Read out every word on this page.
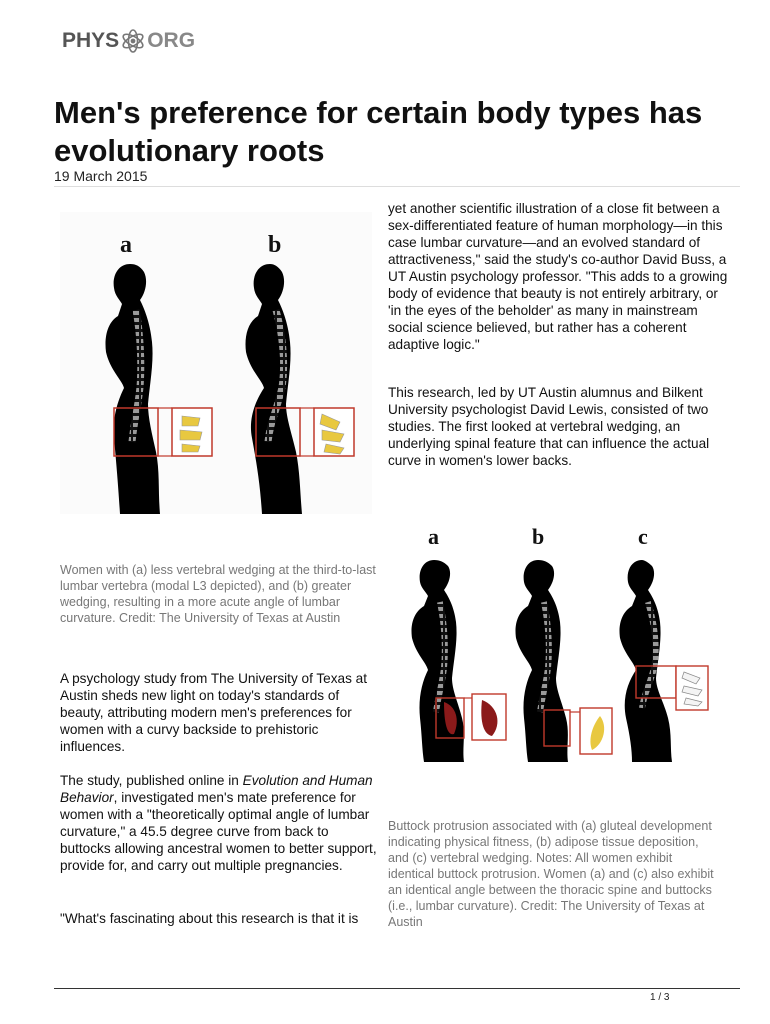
PHYS ORG
Men's preference for certain body types has evolutionary roots
19 March 2015
a	b
Women with (a) less vertebral wedging at the third-to-last lumbar vertebra (modal L3 depicted), and (b) greater wedging, resulting in a more acute angle of lumbar curvature. Credit: The University of Texas at Austin

yet another scientific illustration of a close fit between a sex-differentiated feature of human morphology—in this case lumbar curvature—and an evolved standard of attractiveness," said the study's co-author David Buss, a UT Austin psychology professor. "This adds to a growing body of evidence that beauty is not entirely arbitrary, or 'in the eyes of the beholder' as many in mainstream social science believed, but rather has a coherent adaptive logic."

This research, led by UT Austin alumnus and Bilkent University psychologist David Lewis, consisted of two studies. The first looked at vertebral wedging, an underlying spinal feature that can influence the actual curve in women's lower backs.

a	b	c
Buttock protrusion associated with (a) gluteal development indicating physical fitness, (b) adipose tissue deposition, and (c) vertebral wedging. Notes: All women exhibit identical buttock protrusion. Women (a) and (c) also exhibit an identical angle between the thoracic spine and buttocks (i.e., lumbar curvature). Credit: The University of Texas at Austin

A psychology study from The University of Texas at Austin sheds new light on today's standards of beauty, attributing modern men's preferences for women with a curvy backside to prehistoric influences.

The study, published online in Evolution and Human Behavior, investigated men's mate preference for women with a "theoretically optimal angle of lumbar curvature," a 45.5 degree curve from back to buttocks allowing ancestral women to better support, provide for, and carry out multiple pregnancies.

"What's fascinating about this research is that it is

1 / 3
